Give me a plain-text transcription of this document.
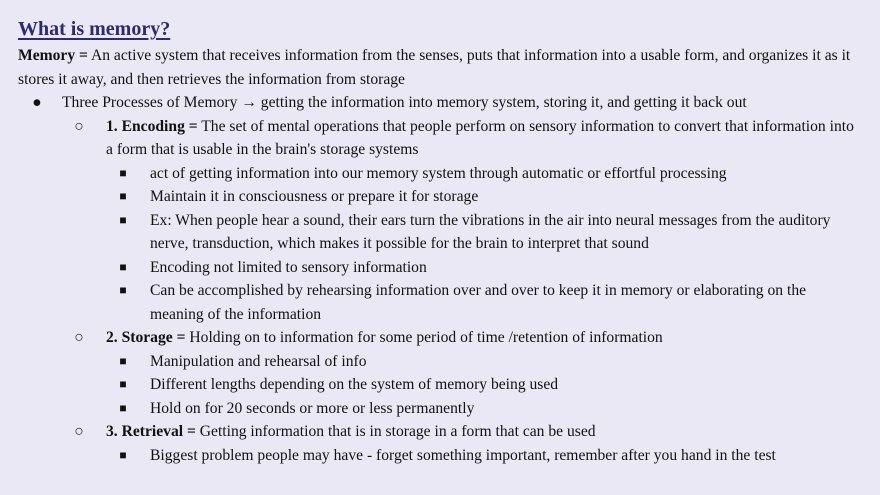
What is memory?
Memory = An active system that receives information from the senses, puts that information into a usable form, and organizes it as it stores it away, and then retrieves the information from storage
● Three Processes of Memory → getting the information into memory system, storing it, and getting it back out
○ 1. Encoding = The set of mental operations that people perform on sensory information to convert that information into a form that is usable in the brain's storage systems
■ act of getting information into our memory system through automatic or effortful processing
■ Maintain it in consciousness or prepare it for storage
■ Ex: When people hear a sound, their ears turn the vibrations in the air into neural messages from the auditory nerve, transduction, which makes it possible for the brain to interpret that sound
■ Encoding not limited to sensory information
■ Can be accomplished by rehearsing information over and over to keep it in memory or elaborating on the meaning of the information
○ 2. Storage = Holding on to information for some period of time /retention of information
■ Manipulation and rehearsal of info
■ Different lengths depending on the system of memory being used
■ Hold on for 20 seconds or more or less permanently
○ 3. Retrieval = Getting information that is in storage in a form that can be used
■ Biggest problem people may have - forget something important, remember after you hand in the test
